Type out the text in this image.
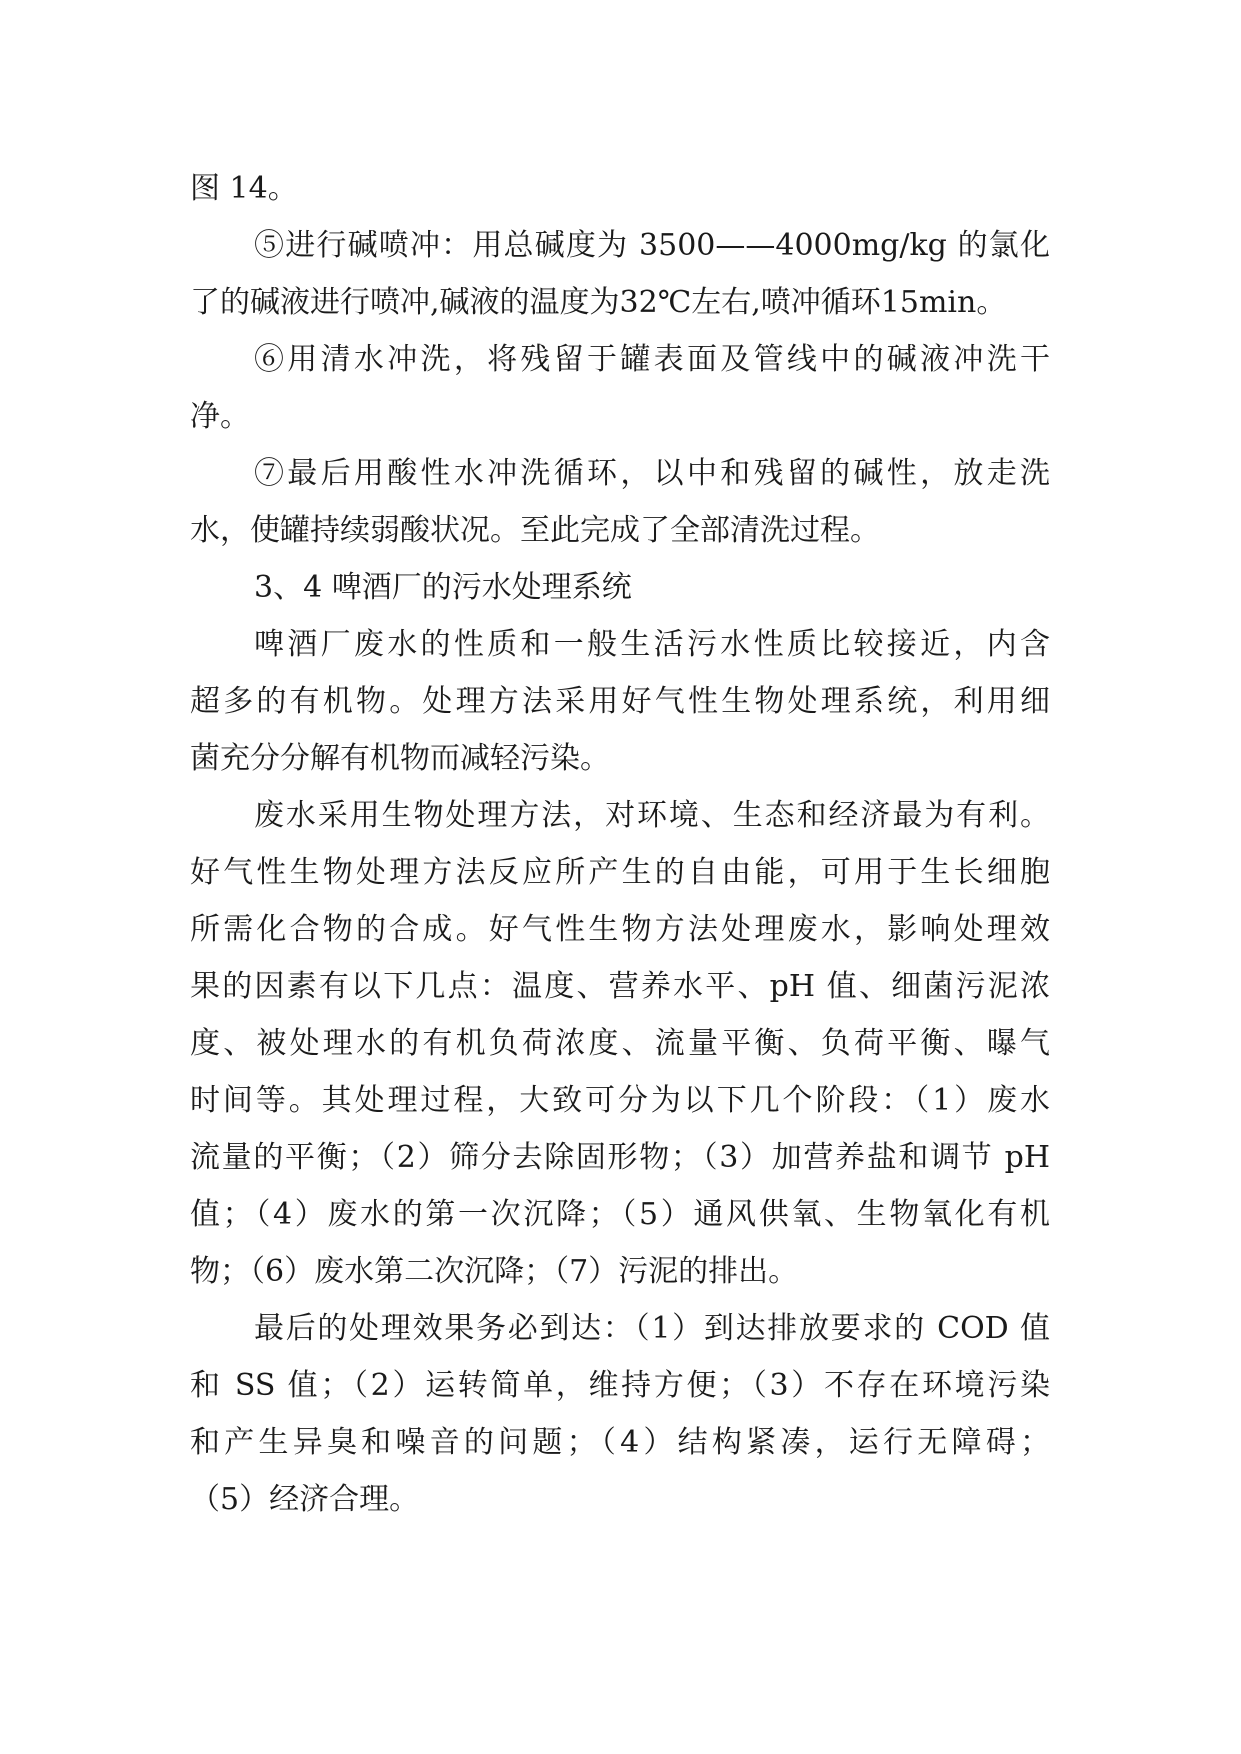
图 14。
⑤进行碱喷冲：用总碱度为 3500——4000mg/kg 的氯化
了的碱液进行喷冲,碱液的温度为32℃左右,喷冲循环15min。
⑥用清水冲洗，将残留于罐表面及管线中的碱液冲洗干
净。
⑦最后用酸性水冲洗循环，以中和残留的碱性，放走洗
水，使罐持续弱酸状况。至此完成了全部清洗过程。
3、4 啤酒厂的污水处理系统
啤酒厂废水的性质和一般生活污水性质比较接近，内含
超多的有机物。处理方法采用好气性生物处理系统，利用细
菌充分分解有机物而减轻污染。
废水采用生物处理方法，对环境、生态和经济最为有利。
好气性生物处理方法反应所产生的自由能，可用于生长细胞
所需化合物的合成。好气性生物方法处理废水，影响处理效
果的因素有以下几点：温度、营养水平、pH 值、细菌污泥浓
度、被处理水的有机负荷浓度、流量平衡、负荷平衡、曝气
时间等。其处理过程，大致可分为以下几个阶段：（1）废水
流量的平衡；（2）筛分去除固形物；（3）加营养盐和调节 pH
值；（4）废水的第一次沉降；（5）通风供氧、生物氧化有机
物；（6）废水第二次沉降；（7）污泥的排出。
最后的处理效果务必到达：（1）到达排放要求的 COD 值
和 SS 值；（2）运转简单，维持方便；（3）不存在环境污染
和产生异臭和噪音的问题；（4）结构紧凑，运行无障碍；
（5）经济合理。
